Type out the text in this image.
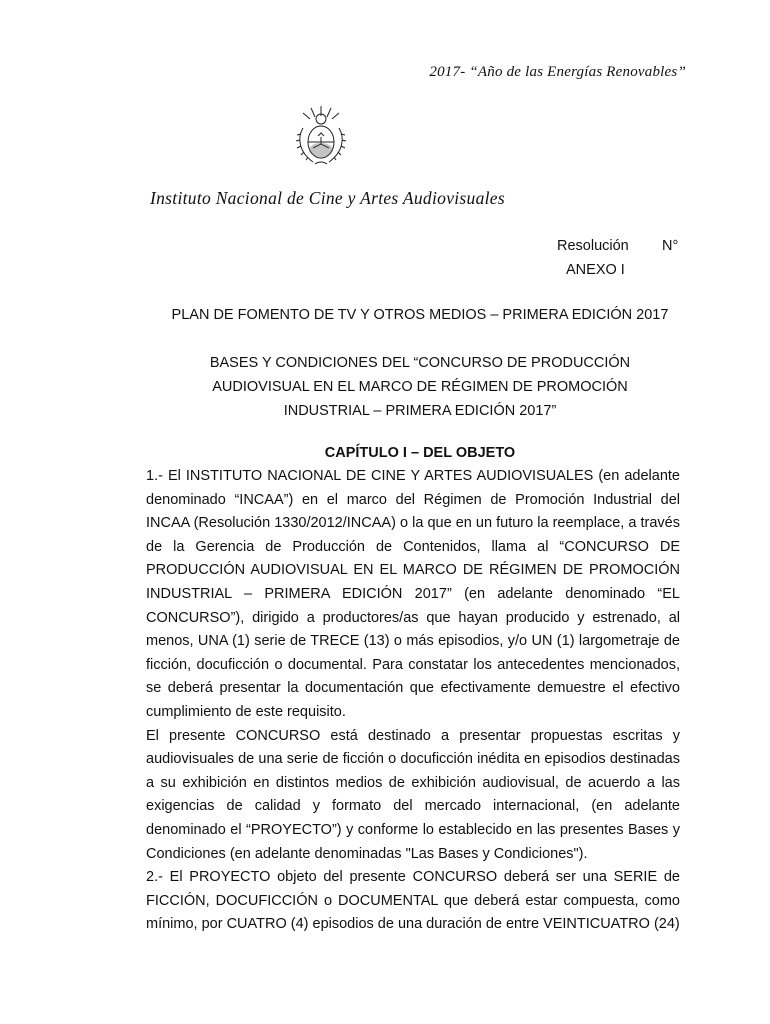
2017- “Año de las Energías Renovables”
Instituto Nacional de Cine y Artes Audiovisuales
Resolución N°
ANEXO I
PLAN DE FOMENTO DE TV Y OTROS MEDIOS – PRIMERA EDICIÓN 2017
BASES Y CONDICIONES DEL “CONCURSO DE PRODUCCIÓN
AUDIOVISUAL EN EL MARCO DE RÉGIMEN DE PROMOCIÓN
INDUSTRIAL – PRIMERA EDICIÓN 2017”
CAPÍTULO I – DEL OBJETO

1.- El INSTITUTO NACIONAL DE CINE Y ARTES AUDIOVISUALES (en adelante denominado “INCAA”) en el marco del Régimen de Promoción Industrial del INCAA (Resolución 1330/2012/INCAA) o la que en un futuro la reemplace, a través de la Gerencia de Producción de Contenidos, llama al “CONCURSO DE PRODUCCIÓN AUDIOVISUAL EN EL MARCO DE RÉGIMEN DE PROMOCIÓN INDUSTRIAL – PRIMERA EDICIÓN 2017” (en adelante denominado “EL CONCURSO”), dirigido a productores/as que hayan producido y estrenado, al menos, UNA (1) serie de TRECE (13) o más episodios, y/o UN (1) largometraje de ficción, docuficción o documental. Para constatar los antecedentes mencionados, se deberá presentar la documentación que efectivamente demuestre el efectivo cumplimiento de este requisito.

El presente CONCURSO está destinado a presentar propuestas escritas y audiovisuales de una serie de ficción o docuficción inédita en episodios destinadas a su exhibición en distintos medios de exhibición audiovisual, de acuerdo a las exigencias de calidad y formato del mercado internacional, (en adelante denominado el “PROYECTO”) y conforme lo establecido en las presentes Bases y Condiciones (en adelante denominadas "Las Bases y Condiciones").

2.- El PROYECTO objeto del presente CONCURSO deberá ser una SERIE de FICCIÓN, DOCUFICCIÓN o DOCUMENTAL que deberá estar compuesta, como mínimo, por CUATRO (4) episodios de una duración de entre VEINTICUATRO (24)
